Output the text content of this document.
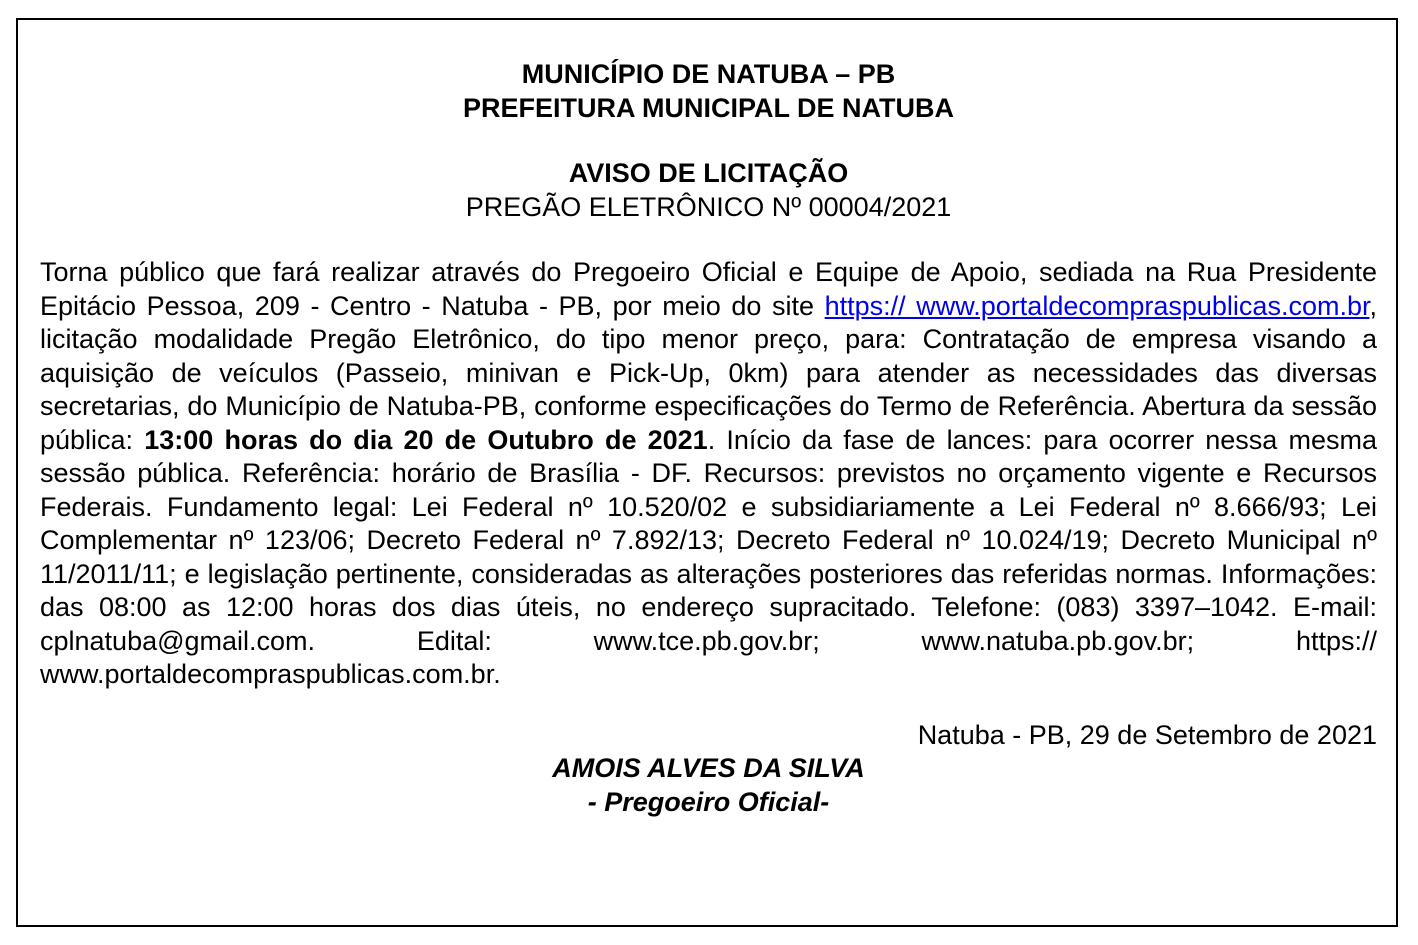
MUNICÍPIO DE NATUBA – PB

PREFEITURA MUNICIPAL DE NATUBA

AVISO DE LICITAÇÃO

PREGÃO ELETRÔNICO Nº 00004/2021

Torna público que fará realizar através do Pregoeiro Oficial e Equipe de Apoio, sediada na Rua Presidente Epitácio Pessoa, 209 - Centro - Natuba - PB, por meio do site https:// www.portaldecompraspublicas.com.br, licitação modalidade Pregão Eletrônico, do tipo menor preço, para: Contratação de empresa visando a aquisição de veículos (Passeio, minivan e Pick-Up, 0km) para atender as necessidades das diversas secretarias, do Município de Natuba-PB, conforme especificações do Termo de Referência. Abertura da sessão pública: 13:00 horas do dia 20 de Outubro de 2021. Início da fase de lances: para ocorrer nessa mesma sessão pública. Referência: horário de Brasília - DF. Recursos: previstos no orçamento vigente e Recursos Federais. Fundamento legal: Lei Federal nº 10.520/02 e subsidiariamente a Lei Federal nº 8.666/93; Lei Complementar nº 123/06; Decreto Federal nº 7.892/13; Decreto Federal nº 10.024/19; Decreto Municipal nº 11/2011/11; e legislação pertinente, consideradas as alterações posteriores das referidas normas. Informações: das 08:00 as 12:00 horas dos dias úteis, no endereço supracitado. Telefone: (083) 3397–1042. E-mail: cplnatuba@gmail.com. Edital: www.tce.pb.gov.br; www.natuba.pb.gov.br; https:// www.portaldecompraspublicas.com.br.

Natuba - PB, 29 de Setembro de 2021

AMOIS ALVES DA SILVA

- Pregoeiro Oficial-
